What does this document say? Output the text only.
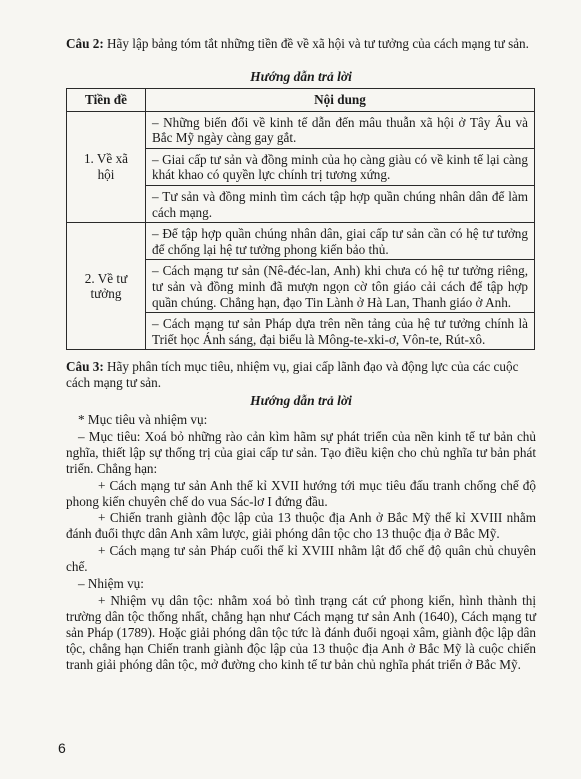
Câu 2: Hãy lập bảng tóm tắt những tiền đề về xã hội và tư tưởng của cách mạng tư sản.

Hướng dẫn trả lời

Tiền đề	Nội dung
1. Về xã hội	– Những biến đổi về kinh tế dẫn đến mâu thuẫn xã hội ở Tây Âu và Bắc Mỹ ngày càng gay gắt.
– Giai cấp tư sản và đồng minh của họ càng giàu có về kinh tế lại càng khát khao có quyền lực chính trị tương xứng.
– Tư sản và đồng minh tìm cách tập hợp quần chúng nhân dân để làm cách mạng.

2. Về tư tưởng	– Để tập hợp quần chúng nhân dân, giai cấp tư sản cần có hệ tư tưởng để chống lại hệ tư tưởng phong kiến bảo thủ.
– Cách mạng tư sản (Nê-đéc-lan, Anh) khi chưa có hệ tư tưởng riêng, tư sản và đồng minh đã mượn ngọn cờ tôn giáo cải cách để tập hợp quần chúng. Chẳng hạn, đạo Tin Lành ở Hà Lan, Thanh giáo ở Anh.
– Cách mạng tư sản Pháp dựa trên nền tảng của hệ tư tưởng chính là Triết học Ánh sáng, đại biểu là Mông-te-xki-ơ, Vôn-te, Rút-xô.

Câu 3: Hãy phân tích mục tiêu, nhiệm vụ, giai cấp lãnh đạo và động lực của các cuộc cách mạng tư sản.

Hướng dẫn trả lời

* Mục tiêu và nhiệm vụ:

– Mục tiêu: Xoá bỏ những rào cản kìm hãm sự phát triển của nền kinh tế tư bản chủ nghĩa, thiết lập sự thống trị của giai cấp tư sản. Tạo điều kiện cho chủ nghĩa tư bản phát triển. Chẳng hạn:

+ Cách mạng tư sản Anh thế kỉ XVII hướng tới mục tiêu đấu tranh chống chế độ phong kiến chuyên chế do vua Sác-lơ I đứng đầu.

+ Chiến tranh giành độc lập của 13 thuộc địa Anh ở Bắc Mỹ thế kỉ XVIII nhằm đánh đuổi thực dân Anh xâm lược, giải phóng dân tộc cho 13 thuộc địa ở Bắc Mỹ.

+ Cách mạng tư sản Pháp cuối thế kỉ XVIII nhằm lật đổ chế độ quân chủ chuyên chế.

– Nhiệm vụ:

+ Nhiệm vụ dân tộc: nhằm xoá bỏ tình trạng cát cứ phong kiến, hình thành thị trường dân tộc thống nhất, chẳng hạn như Cách mạng tư sản Anh (1640), Cách mạng tư sản Pháp (1789). Hoặc giải phóng dân tộc tức là đánh đuổi ngoại xâm, giành độc lập dân tộc, chẳng hạn Chiến tranh giành độc lập của 13 thuộc địa Anh ở Bắc Mỹ là cuộc chiến tranh giải phóng dân tộc, mở đường cho kinh tế tư bản chủ nghĩa phát triển ở Bắc Mỹ.

6
